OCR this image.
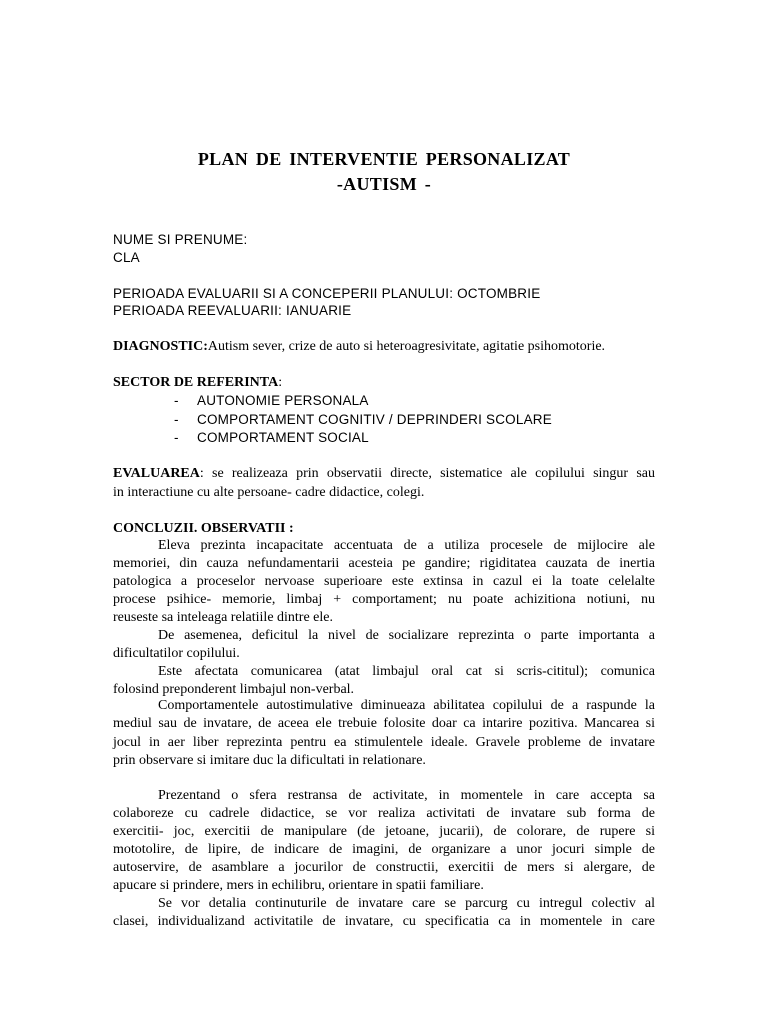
PLAN DE INTERVENTIE PERSONALIZAT
-AUTISM -
NUME SI PRENUME:
CLA
PERIOADA EVALUARII SI A CONCEPERII PLANULUI: OCTOMBRIE
PERIOADA REEVALUARII: IANUARIE
DIAGNOSTIC:Autism sever, crize de auto si heteroagresivitate, agitatie psihomotorie.
SECTOR DE REFERINTA:
- AUTONOMIE PERSONALA
- COMPORTAMENT COGNITIV / DEPRINDERI SCOLARE
- COMPORTAMENT SOCIAL
EVALUAREA: se realizeaza prin observatii directe, sistematice ale copilului singur sau
in interactiune cu alte persoane- cadre didactice, colegi.
CONCLUZII. OBSERVATII :
Eleva prezinta incapacitate accentuata de a utiliza procesele de mijlocire ale
memoriei, din cauza nefundamentarii acesteia pe gandire; rigiditatea cauzata de inertia
patologica a proceselor nervoase superioare este extinsa in cazul ei la toate celelalte
procese psihice- memorie, limbaj + comportament; nu poate achizitiona notiuni, nu
reuseste sa inteleaga relatiile dintre ele.
De asemenea, deficitul la nivel de socializare reprezinta o parte importanta a
dificultatilor copilului.
Este afectata comunicarea (atat limbajul oral cat si scris-cititul); comunica
folosind preponderent limbajul non-verbal.
Comportamentele autostimulative diminueaza abilitatea copilului de a raspunde la
mediul sau de invatare, de aceea ele trebuie folosite doar ca intarire pozitiva. Mancarea si
jocul in aer liber reprezinta pentru ea stimulentele ideale. Gravele probleme de invatare
prin observare si imitare duc la dificultati in relationare.
Prezentand o sfera restransa de activitate, in momentele in care accepta sa
colaboreze cu cadrele didactice, se vor realiza activitati de invatare sub forma de
exercitii- joc, exercitii de manipulare (de jetoane, jucarii), de colorare, de rupere si
mototolire, de lipire, de indicare de imagini, de organizare a unor jocuri simple de
autoservire, de asamblare a jocurilor de constructii, exercitii de mers si alergare, de
apucare si prindere, mers in echilibru, orientare in spatii familiare.
Se vor detalia continuturile de invatare care se parcurg cu intregul colectiv al
clasei, individualizand activitatile de invatare, cu specificatia ca in momentele in care
